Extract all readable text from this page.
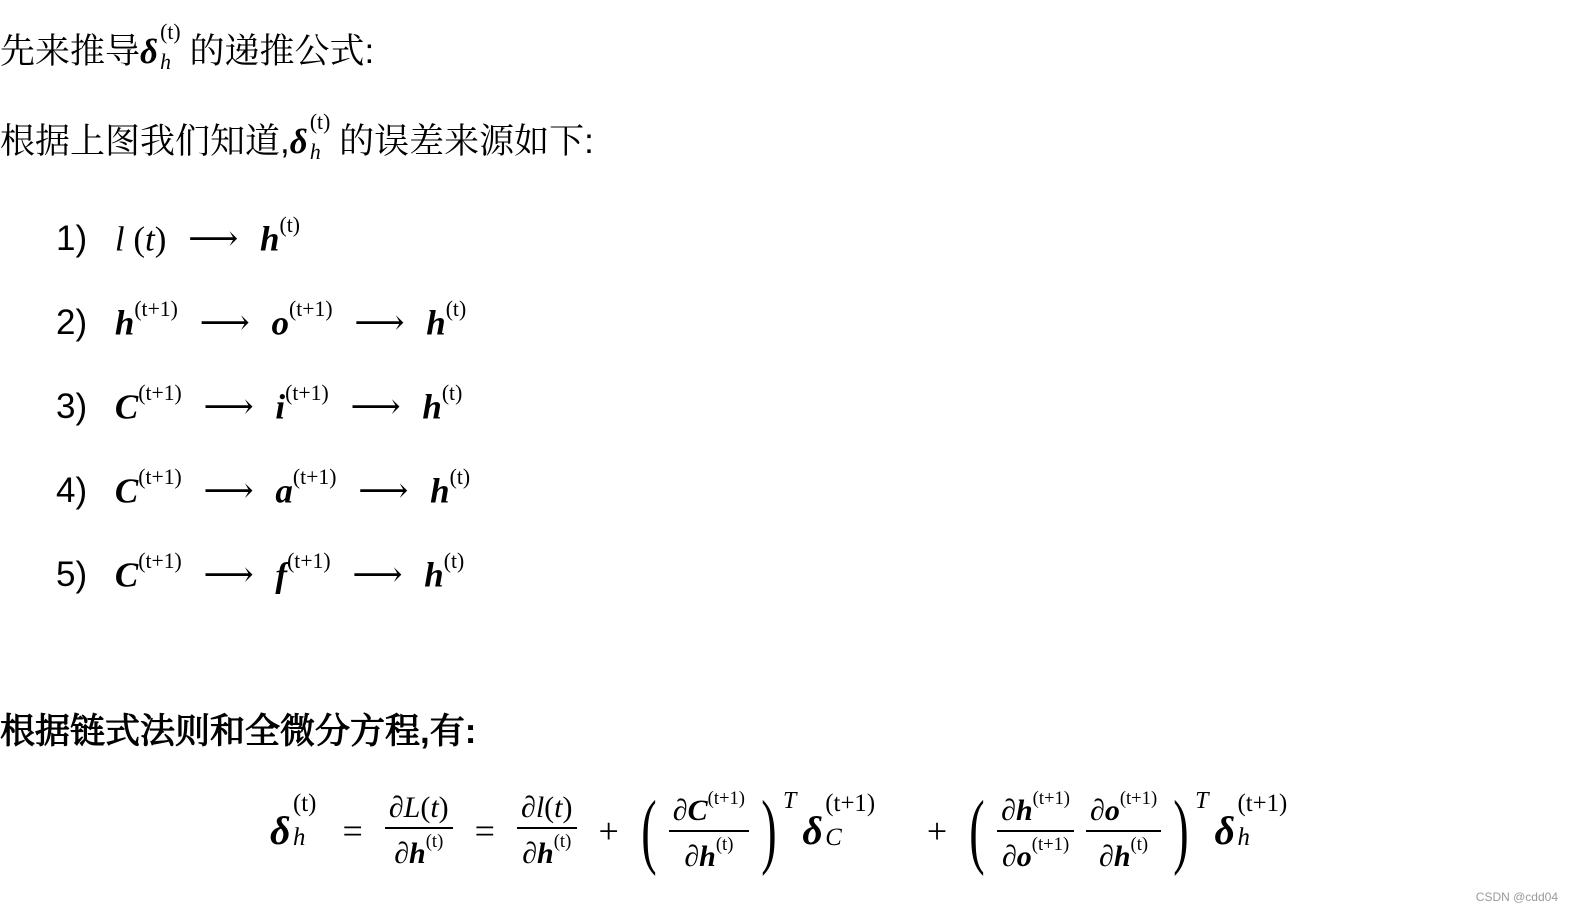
先来推导δ
(t)
h 的递推公式:
根据上图我们知道,δ
(t)
h 的误差来源如下:
1) l (t) ⟶ $h^{(t)}$
2) $h^{(t+1)}$ ⟶ $o^{(t+1)}$ ⟶ $h^{(t)}$
3) $C^{(t+1)}$ ⟶ $i^{(t+1)}$ ⟶ $h^{(t)}$
4) $C^{(t+1)}$ ⟶ $a^{(t+1)}$ ⟶ $h^{(t)}$
5) $C^{(t+1)}$ ⟶ $f^{(t+1)}$ ⟶ $h^{(t)}$
根据链式法则和全微分方程,有:
δ
(t)
$h = \frac{\partial L(t)}{\partial h^{(t)}} = \frac{\partial l(t)}{\partial h^{(t)}}$ + ( $\frac{\partial C^{(t+1)}}{\partial h^{(t)}}$ ) T
δ
(t+1)
C + ( $\frac{\partial h^{(t+1)}}{\partial o^{(t+1)}} \frac{\partial o^{(t+1)}}{\partial h^{(t)}}$ ) T
δ
(t+1)
h
CSDN @cdd04
